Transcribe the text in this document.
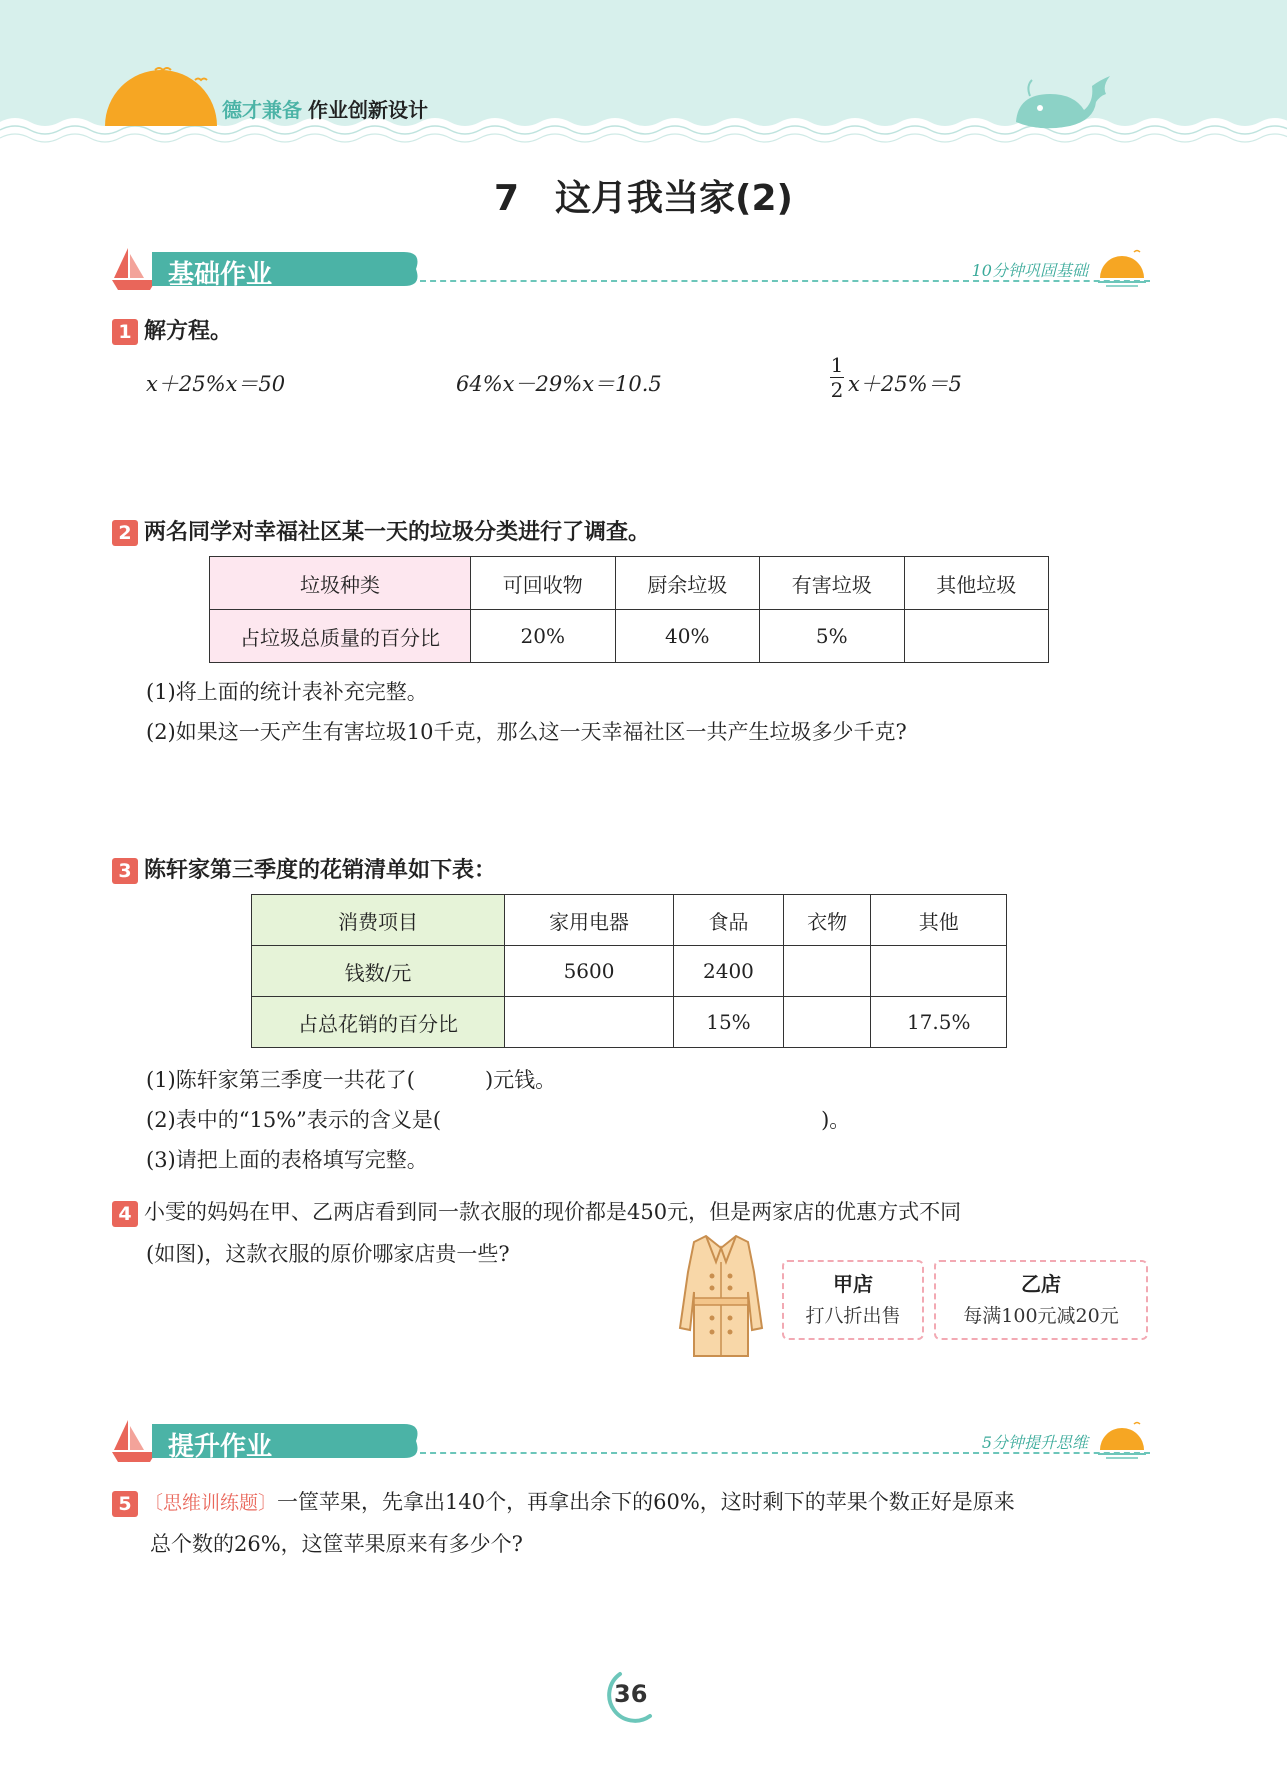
德才兼备 作业创新设计
7　这月我当家(2)
基础作业	10分钟巩固基础
1 解方程。
x＋25%x＝50	64%x－29%x＝10.5
1
2 x＋25%＝5
2 两名同学对幸福社区某一天的垃圾分类进行了调查。
垃圾种类	可回收物	厨余垃圾	有害垃圾	其他垃圾
占垃圾总质量的百分比	20%	40%	5%	
(1)将上面的统计表补充完整。
(2)如果这一天产生有害垃圾10千克，那么这一天幸福社区一共产生垃圾多少千克?
3 陈轩家第三季度的花销清单如下表：
消费项目	家用电器	食品	衣物	其他
钱数/元	5600	2400		
占总花销的百分比		15%		17.5%
(1)陈轩家第三季度一共花了(	)元钱。
(2)表中的“15%”表示的含义是(	)。
(3)请把上面的表格填写完整。
4 小雯的妈妈在甲、乙两店看到同一款衣服的现价都是450元，但是两家店的优惠方式不同
(如图)，这款衣服的原价哪家店贵一些?
甲店
打八折出售
乙店
每满100元减20元
提升作业	5分钟提升思维
5 〔思维训练题〕一筐苹果，先拿出140个，再拿出余下的60%，这时剩下的苹果个数正好是原来
总个数的26%，这筐苹果原来有多少个?
36
